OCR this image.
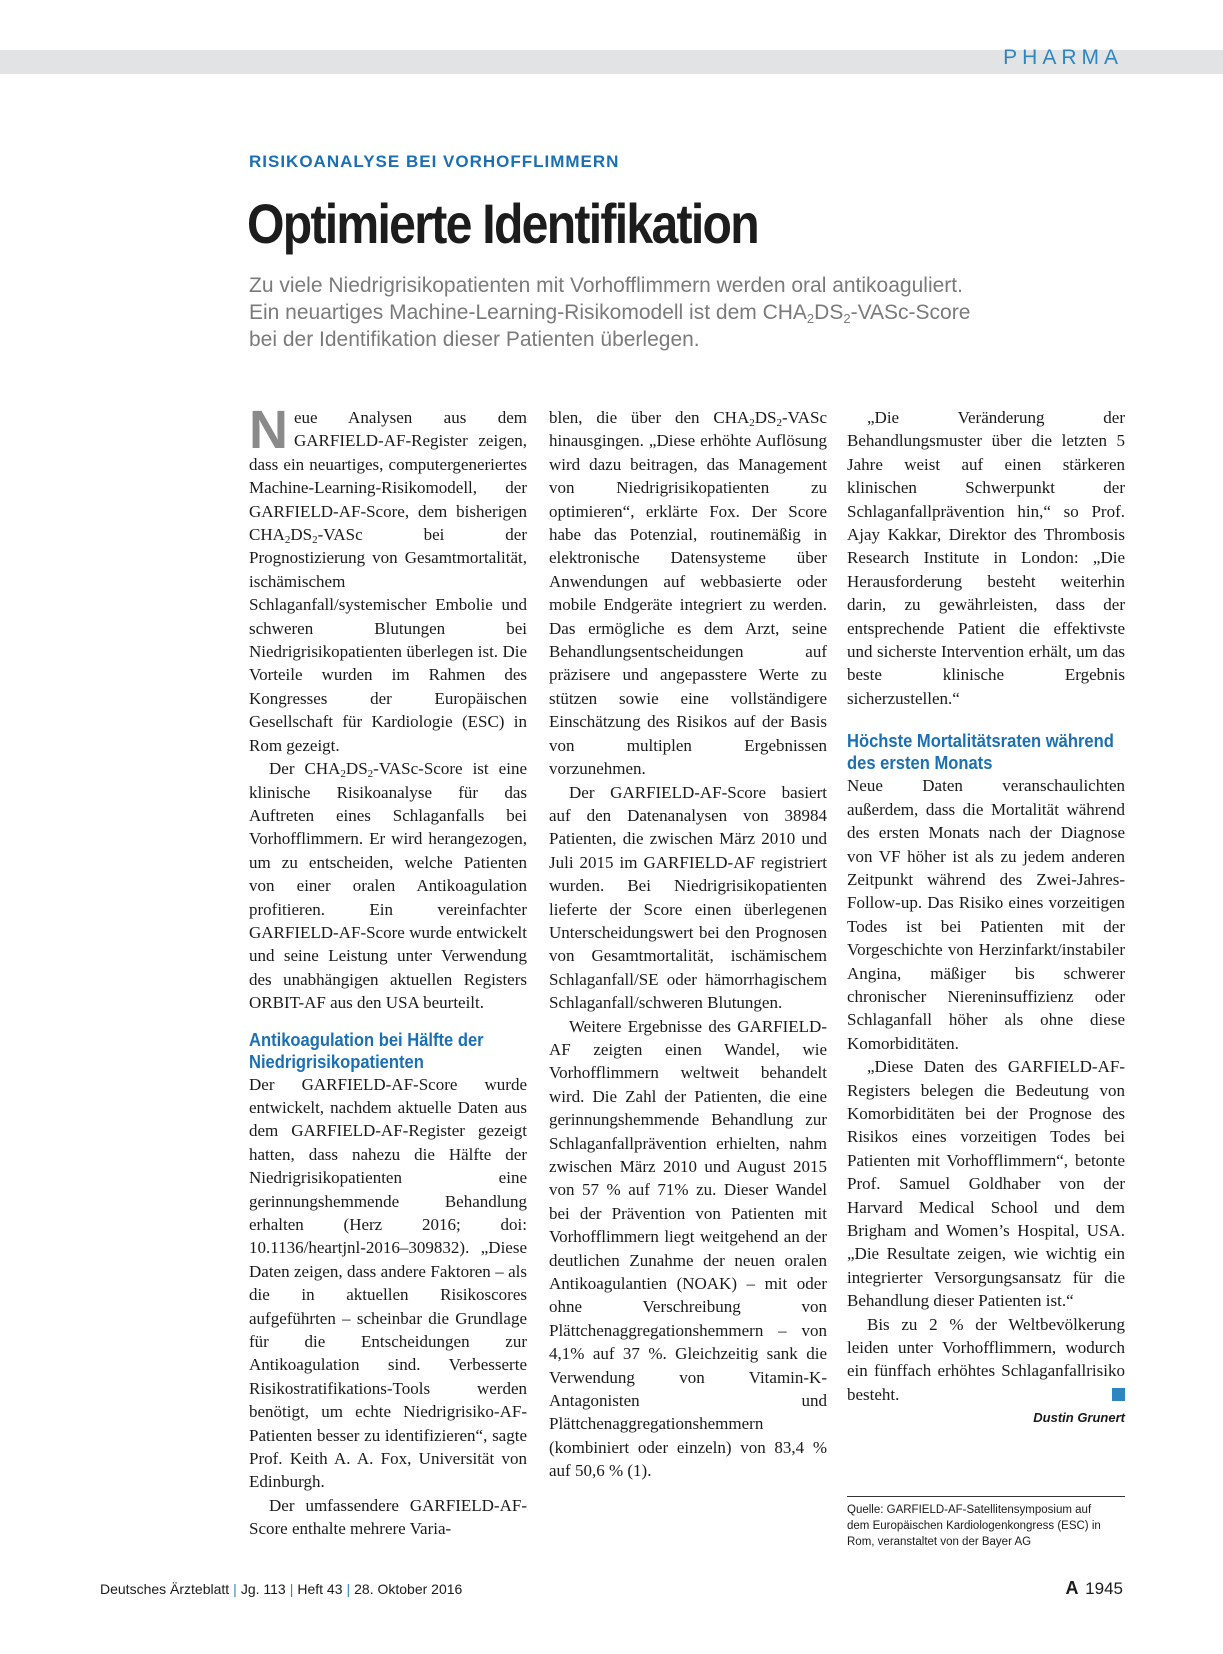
PHARMA
RISIKOANALYSE BEI VORHOFFLIMMERN
Optimierte Identifikation

Zu viele Niedrigrisikopatienten mit Vorhofflimmern werden oral antikoaguliert.

Ein neuartiges Machine-Learning-Risikomodell ist dem $CHA_2DS_2-VASc$-Score

bei der Identifikation dieser Patienten überlegen.

Neue Analysen aus dem GARFIELD-AF-Register zeigen, dass ein neuartiges, computergeneriertes Machine-Learning-Risikomodell, der GARFIELD-AF-Score, dem bisherigen $CHA_2DS_2$-VASc bei der Prognostizierung von Gesamtmortalität, ischämischem Schlaganfall/systemischer Embolie und schweren Blutungen bei Niedrigrisikopatienten überlegen ist. Die Vorteile wurden im Rahmen des Kongresses der Europäischen Gesellschaft für Kardiologie (ESC) in Rom gezeigt.

Der $CHA_2DS_2-VASc$-Score ist eine klinische Risikoanalyse für das Auftreten eines Schlaganfalls bei Vorhofflimmern. Er wird herangezogen, um zu entscheiden, welche Patienten von einer oralen Antikoagulation profitieren. Ein vereinfachter GARFIELD-AF-Score wurde entwickelt und seine Leistung unter Verwendung des unabhängigen aktuellen Registers ORBIT-AF aus den USA beurteilt.

Antikoagulation bei Hälfte der Niedrigrisikopatienten

Der GARFIELD-AF-Score wurde entwickelt, nachdem aktuelle Daten aus dem GARFIELD-AF-Register gezeigt hatten, dass nahezu die Hälfte der Niedrigrisikopatienten eine gerinnungshemmende Behandlung erhalten (Herz 2016; doi: 10.1136/heartjnl-2016–309832). „Diese Daten zeigen, dass andere Faktoren – als die in aktuellen Risikoscores aufgeführten – scheinbar die Grundlage für die Entscheidungen zur Antikoagulation sind. Verbesserte Risikostratifikations-Tools werden benötigt, um echte Niedrigrisiko-AF-Patienten besser zu identifizieren“, sagte Prof. Keith A. A. Fox, Universität von Edinburgh.

Der umfassendere GARFIELD-AF-Score enthalte mehrere Varia-

blen, die über den $CHA_2DS_2$-VASc hinausgingen. „Diese erhöhte Auflösung wird dazu beitragen, das Management von Niedrigrisikopatienten zu optimieren“, erklärte Fox. Der Score habe das Potenzial, routinemäßig in elektronische Datensysteme über Anwendungen auf webbasierte oder mobile Endgeräte integriert zu werden. Das ermögliche es dem Arzt, seine Behandlungsentscheidungen auf präzisere und angepasstere Werte zu stützen sowie eine vollständigere Einschätzung des Risikos auf der Basis von multiplen Ergebnissen vorzunehmen.

Der GARFIELD-AF-Score basiert auf den Datenanalysen von 38984 Patienten, die zwischen März 2010 und Juli 2015 im GARFIELD-AF registriert wurden. Bei Niedrigrisikopatienten lieferte der Score einen überlegenen Unterscheidungswert bei den Prognosen von Gesamtmortalität, ischämischem Schlaganfall/SE oder hämorrhagischem Schlaganfall/schweren Blutungen.

Weitere Ergebnisse des GARFIELD-AF zeigten einen Wandel, wie Vorhofflimmern weltweit behandelt wird. Die Zahl der Patienten, die eine gerinnungshemmende Behandlung zur Schlaganfallprävention erhielten, nahm zwischen März 2010 und August 2015 von 57 % auf 71% zu. Dieser Wandel bei der Prävention von Patienten mit Vorhofflimmern liegt weitgehend an der deutlichen Zunahme der neuen oralen Antikoagulantien (NOAK) – mit oder ohne Verschreibung von Plättchenaggregationshemmern – von 4,1% auf 37 %. Gleichzeitig sank die Verwendung von Vitamin-K-Antagonisten und Plättchenaggregationshemmern (kombiniert oder einzeln) von 83,4 % auf 50,6 % (1).

„Die Veränderung der Behandlungsmuster über die letzten 5 Jahre weist auf einen stärkeren klinischen Schwerpunkt der Schlaganfallprävention hin,“ so Prof. Ajay Kakkar, Direktor des Thrombosis Research Institute in London: „Die Herausforderung besteht weiterhin darin, zu gewährleisten, dass der entsprechende Patient die effektivste und sicherste Intervention erhält, um das beste klinische Ergebnis sicherzustellen.“

Höchste Mortalitätsraten während des ersten Monats

Neue Daten veranschaulichten außerdem, dass die Mortalität während des ersten Monats nach der Diagnose von VF höher ist als zu jedem anderen Zeitpunkt während des Zwei-Jahres-Follow-up. Das Risiko eines vorzeitigen Todes ist bei Patienten mit der Vorgeschichte von Herzinfarkt/instabiler Angina, mäßiger bis schwerer chronischer Niereninsuffizienz oder Schlaganfall höher als ohne diese Komorbiditäten.

„Diese Daten des GARFIELD-AF-Registers belegen die Bedeutung von Komorbiditäten bei der Prognose des Risikos eines vorzeitigen Todes bei Patienten mit Vorhofflimmern“, betonte Prof. Samuel Goldhaber von der Harvard Medical School und dem Brigham and Women’s Hospital, USA. „Die Resultate zeigen, wie wichtig ein integrierter Versorgungsansatz für die Behandlung dieser Patienten ist.“

Bis zu 2 % der Weltbevölkerung leiden unter Vorhofflimmern, wodurch ein fünffach erhöhtes Schlaganfallrisiko besteht.

Dustin Grunert
Quelle: GARFIELD-AF-Satellitensymposium auf
dem Europäischen Kardiologenkongress (ESC) in
Rom, veranstaltet von der Bayer AG
Deutsches Ärzteblatt | Jg. 113 | Heft 43 | 28. Oktober 2016	A 1945
